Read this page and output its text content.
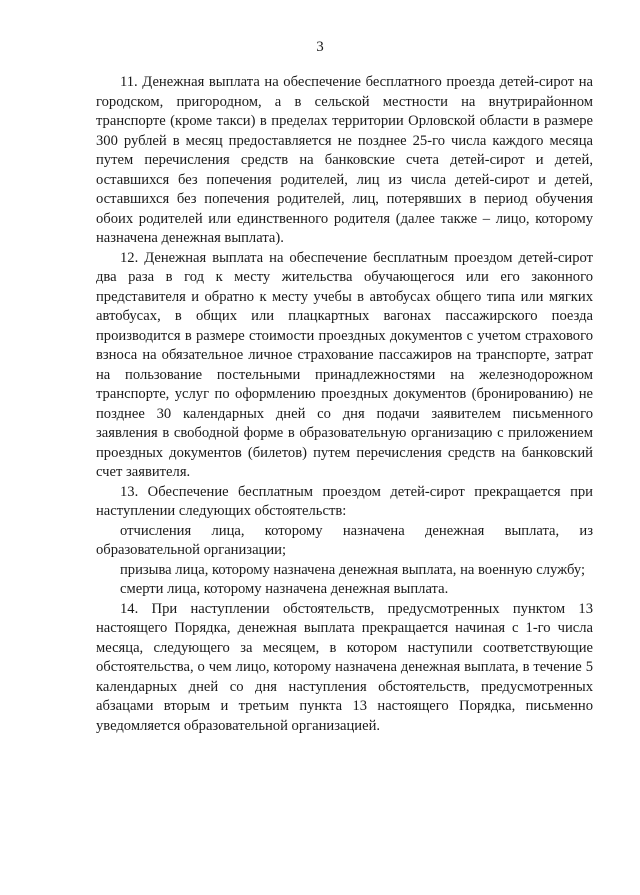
3

11. Денежная выплата на обеспечение бесплатного проезда детей-сирот на городском, пригородном, а в сельской местности на внутрирайонном транспорте (кроме такси) в пределах территории Орловской области в размере 300 рублей в месяц предоставляется не позднее 25-го числа каждого месяца путем перечисления средств на банковские счета детей-сирот и детей, оставшихся без попечения родителей, лиц из числа детей-сирот и детей, оставшихся без попечения родителей, лиц, потерявших в период обучения обоих родителей или единственного родителя (далее также – лицо, которому назначена денежная выплата).

12. Денежная выплата на обеспечение бесплатным проездом детей-сирот два раза в год к месту жительства обучающегося или его законного представителя и обратно к месту учебы в автобусах общего типа или мягких автобусах, в общих или плацкартных вагонах пассажирского поезда производится в размере стоимости проездных документов с учетом страхового взноса на обязательное личное страхование пассажиров на транспорте, затрат на пользование постельными принадлежностями на железнодорожном транспорте, услуг по оформлению проездных документов (бронированию) не позднее 30 календарных дней со дня подачи заявителем письменного заявления в свободной форме в образовательную организацию с приложением проездных документов (билетов) путем перечисления средств на банковский счет заявителя.

13. Обеспечение бесплатным проездом детей-сирот прекращается при наступлении следующих обстоятельств:

отчисления лица, которому назначена денежная выплата, из образовательной организации;

призыва лица, которому назначена денежная выплата, на военную службу;

смерти лица, которому назначена денежная выплата.

14. При наступлении обстоятельств, предусмотренных пунктом 13 настоящего Порядка, денежная выплата прекращается начиная с 1-го числа месяца, следующего за месяцем, в котором наступили соответствующие обстоятельства, о чем лицо, которому назначена денежная выплата, в течение 5 календарных дней со дня наступления обстоятельств, предусмотренных абзацами вторым и третьим пункта 13 настоящего Порядка, письменно уведомляется образовательной организацией.
